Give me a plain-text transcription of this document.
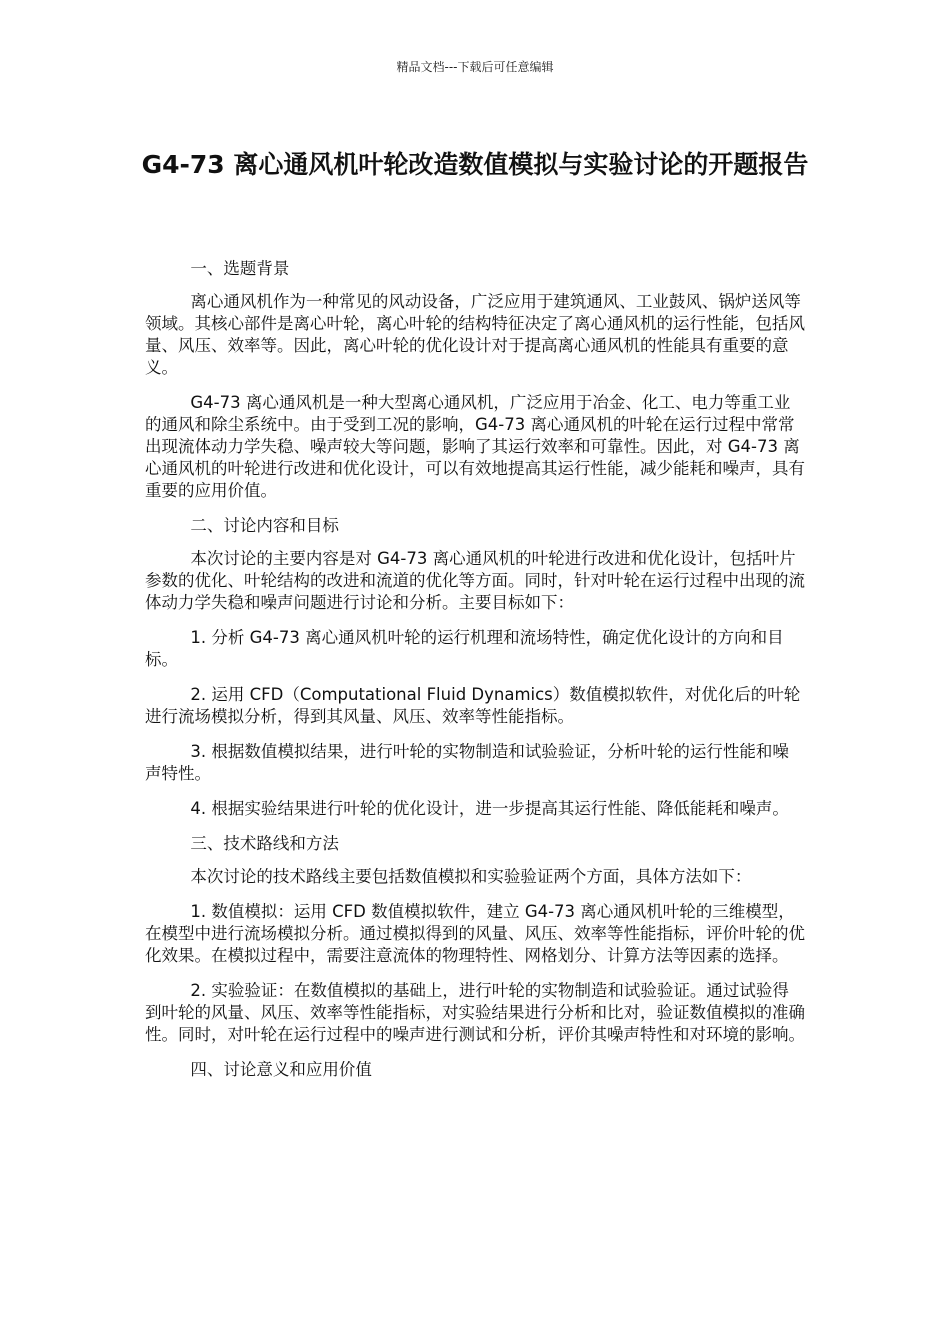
精品文档---下载后可任意编辑
G4-73 离心通风机叶轮改造数值模拟与实验讨论的开题报告

一、选题背景

离心通风机作为一种常见的风动设备，广泛应用于建筑通风、工业鼓风、锅炉送风等领域。其核心部件是离心叶轮，离心叶轮的结构特征决定了离心通风机的运行性能，包括风量、风压、效率等。因此，离心叶轮的优化设计对于提高离心通风机的性能具有重要的意义。

G4-73 离心通风机是一种大型离心通风机，广泛应用于冶金、化工、电力等重工业的通风和除尘系统中。由于受到工况的影响，G4-73 离心通风机的叶轮在运行过程中常常出现流体动力学失稳、噪声较大等问题，影响了其运行效率和可靠性。因此，对 G4-73 离心通风机的叶轮进行改进和优化设计，可以有效地提高其运行性能，减少能耗和噪声，具有重要的应用价值。

二、讨论内容和目标

本次讨论的主要内容是对 G4-73 离心通风机的叶轮进行改进和优化设计，包括叶片参数的优化、叶轮结构的改进和流道的优化等方面。同时，针对叶轮在运行过程中出现的流体动力学失稳和噪声问题进行讨论和分析。主要目标如下：

1. 分析 G4-73 离心通风机叶轮的运行机理和流场特性，确定优化设计的方向和目标。

2. 运用 CFD（Computational Fluid Dynamics）数值模拟软件，对优化后的叶轮进行流场模拟分析，得到其风量、风压、效率等性能指标。

3. 根据数值模拟结果，进行叶轮的实物制造和试验验证，分析叶轮的运行性能和噪声特性。

4. 根据实验结果进行叶轮的优化设计，进一步提高其运行性能、降低能耗和噪声。

三、技术路线和方法

本次讨论的技术路线主要包括数值模拟和实验验证两个方面，具体方法如下：

1. 数值模拟：运用 CFD 数值模拟软件，建立 G4-73 离心通风机叶轮的三维模型，在模型中进行流场模拟分析。通过模拟得到的风量、风压、效率等性能指标，评价叶轮的优化效果。在模拟过程中，需要注意流体的物理特性、网格划分、计算方法等因素的选择。

2. 实验验证：在数值模拟的基础上，进行叶轮的实物制造和试验验证。通过试验得到叶轮的风量、风压、效率等性能指标，对实验结果进行分析和比对，验证数值模拟的准确性。同时，对叶轮在运行过程中的噪声进行测试和分析，评价其噪声特性和对环境的影响。

四、讨论意义和应用价值
